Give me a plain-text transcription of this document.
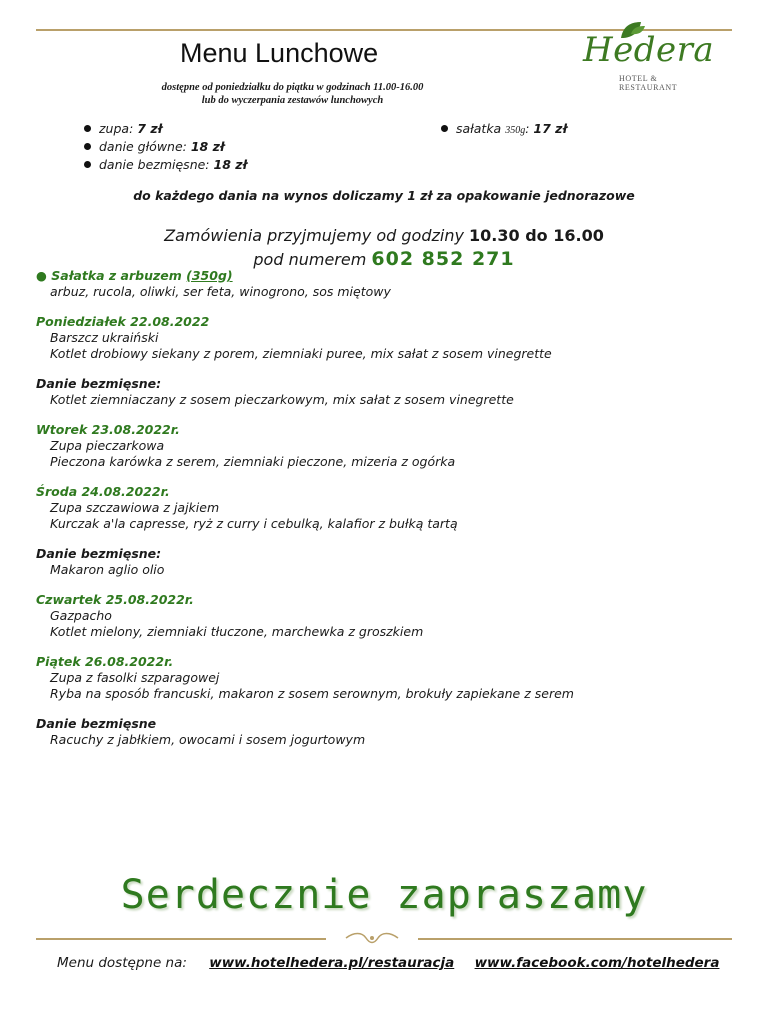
Menu Lunchowe
dostępne od poniedziałku do piątku w godzinach 11.00-16.00
lub do wyczerpania zestawów lunchowych
Hedera
HOTEL & RESTAURANT
zupa: 7 zł
danie główne: 18 zł
danie bezmięsne: 18 zł
sałatka 350g: 17 zł
do każdego dania na wynos doliczamy 1 zł za opakowanie jednorazowe
Zamówienia przyjmujemy od godziny 10.30 do 16.00
pod numerem 602 852 271

● Sałatka z arbuzem (350g)

arbuz, rucola, oliwki, ser feta, winogrono, sos miętowy

Poniedziałek 22.08.2022

Barszcz ukraiński

Kotlet drobiowy siekany z porem, ziemniaki puree, mix sałat z sosem vinegrette

Danie bezmięsne:

Kotlet ziemniaczany z sosem pieczarkowym, mix sałat z sosem vinegrette

Wtorek 23.08.2022r.

Zupa pieczarkowa

Pieczona karówka z serem, ziemniaki pieczone, mizeria z ogórka

Środa 24.08.2022r.

Zupa szczawiowa z jajkiem

Kurczak a'la capresse, ryż z curry i cebulką, kalafior z bułką tartą

Danie bezmięsne:

Makaron aglio olio

Czwartek 25.08.2022r.

Gazpacho

Kotlet mielony, ziemniaki tłuczone, marchewka z groszkiem

Piątek 26.08.2022r.

Zupa z fasolki szparagowej

Ryba na sposób francuski, makaron z sosem serownym, brokuły zapiekane z serem

Danie bezmięsne

Racuchy z jabłkiem, owocami i sosem jogurtowym

Serdecznie zapraszamy
Menu dostępne na: www.hotelhedera.pl/restauracja www.facebook.com/hotelhedera
